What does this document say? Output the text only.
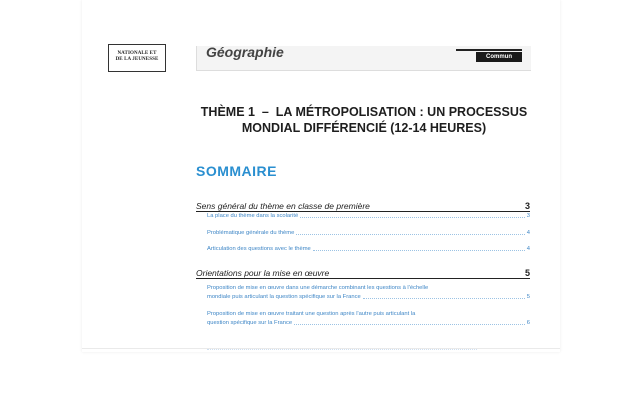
NATIONALE ET
DE LA JEUNESSE	Géographie	Commun
THÈME 1  –  LA MÉTROPOLISATION : UN PROCESSUS
MONDIAL DIFFÉRENCIÉ (12-14 HEURES)
SOMMAIRE
Sens général du thème en classe de première	3
La place du thème dans la scolarité	3
Problématique générale du thème	4
Articulation des questions avec le thème	4
Orientations pour la mise en œuvre	5
Proposition de mise en œuvre dans une démarche combinant les questions à l'échelle
mondiale puis articulant la question spécifique sur la France	5
Proposition de mise en œuvre traitant une question après l'autre puis articulant la
question spécifique sur la France	6
